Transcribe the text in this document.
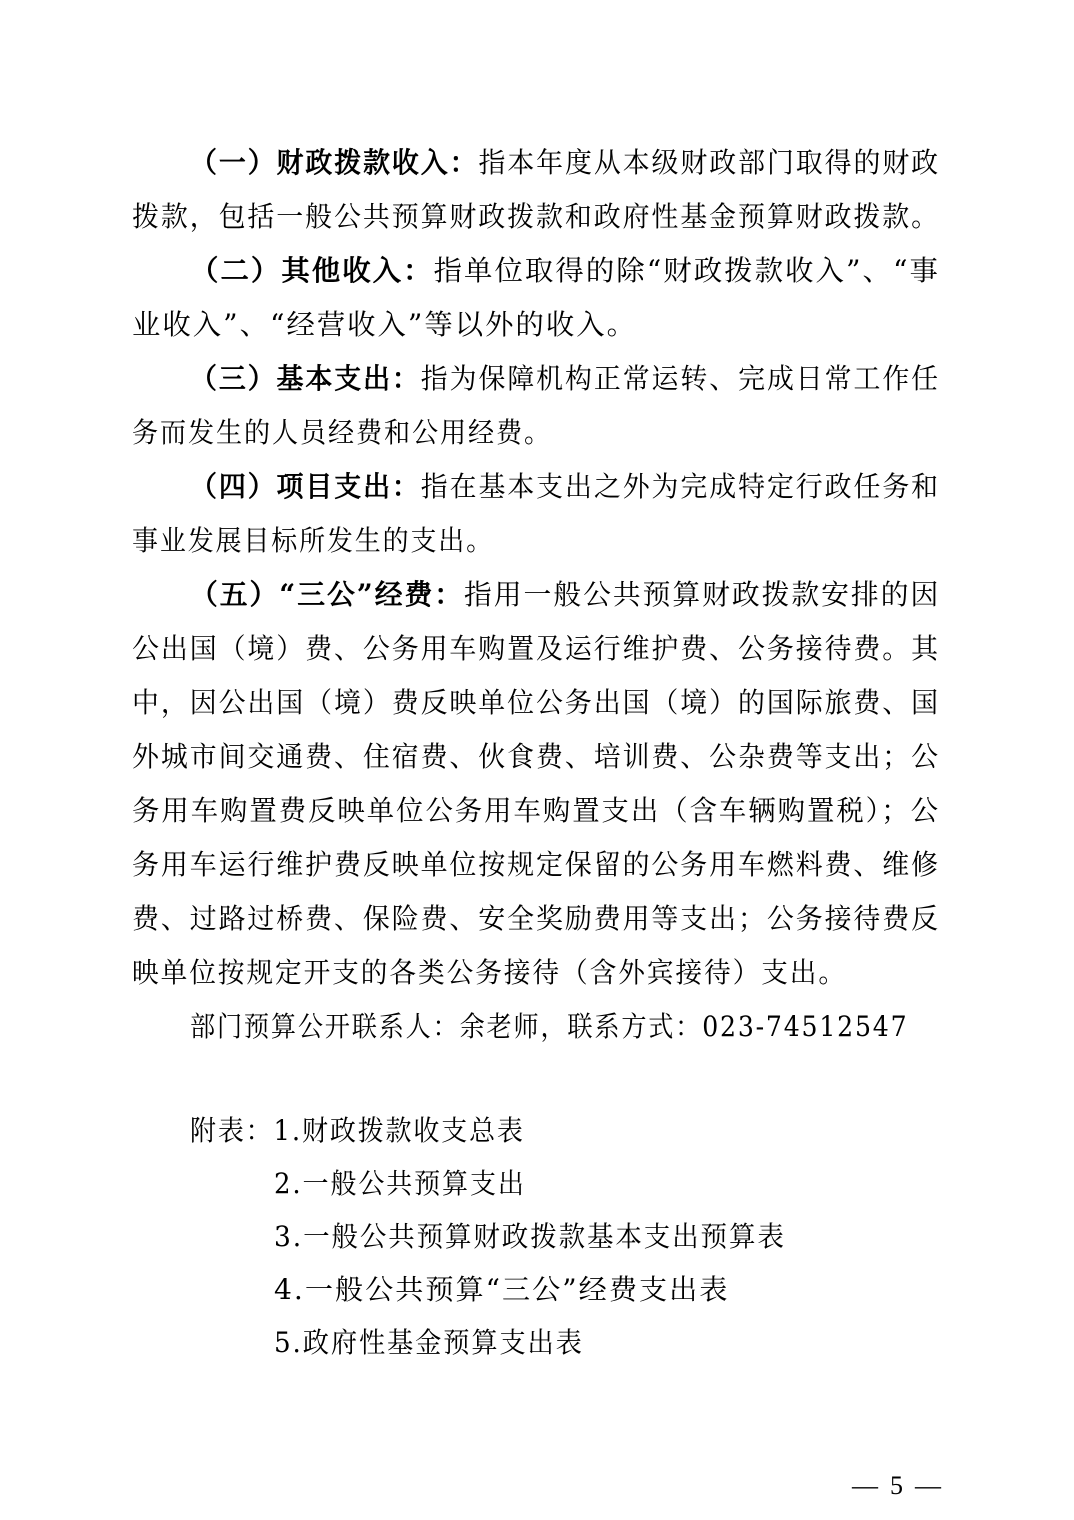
（一）财政拨款收入：指本年度从本级财政部门取得的财政
拨款，包括一般公共预算财政拨款和政府性基金预算财政拨款。
（二）其他收入：指单位取得的除“财政拨款收入”、“事
业收入”、“经营收入”等以外的收入。
（三）基本支出：指为保障机构正常运转、完成日常工作任
务而发生的人员经费和公用经费。
（四）项目支出：指在基本支出之外为完成特定行政任务和
事业发展目标所发生的支出。
（五）“三公”经费：指用一般公共预算财政拨款安排的因
公出国（境）费、公务用车购置及运行维护费、公务接待费。其
中，因公出国（境）费反映单位公务出国（境）的国际旅费、国
外城市间交通费、住宿费、伙食费、培训费、公杂费等支出；公
务用车购置费反映单位公务用车购置支出（含车辆购置税）；公
务用车运行维护费反映单位按规定保留的公务用车燃料费、维修
费、过路过桥费、保险费、安全奖励费用等支出；公务接待费反
映单位按规定开支的各类公务接待（含外宾接待）支出。
部门预算公开联系人：余老师，联系方式：023-74512547
附表：1.财政拨款收支总表
2.一般公共预算支出
3.一般公共预算财政拨款基本支出预算表
4.一般公共预算“三公”经费支出表
5.政府性基金预算支出表
— 5 —
